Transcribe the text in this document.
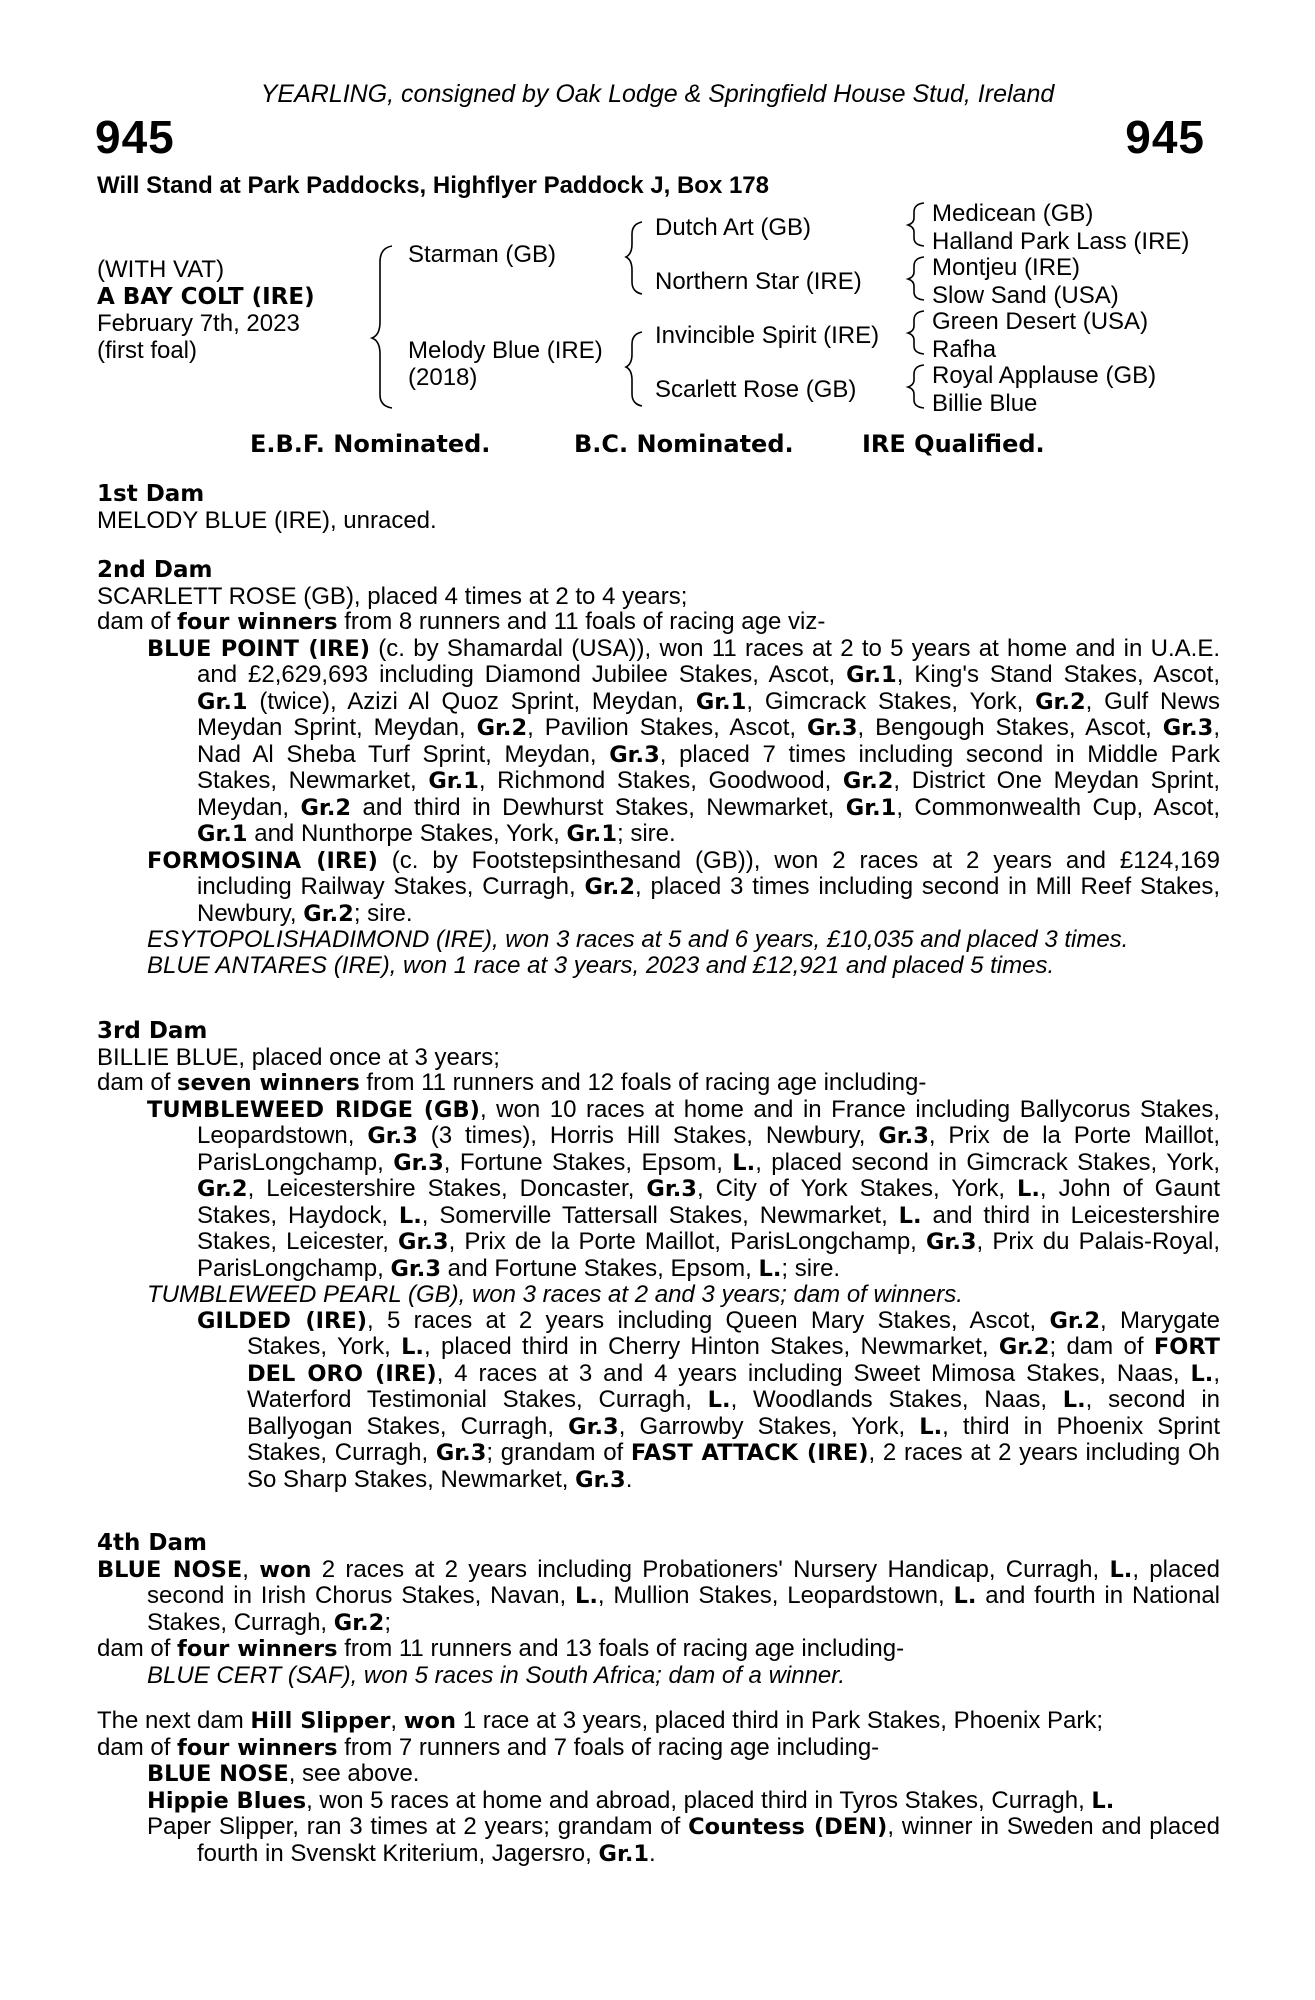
YEARLING, consigned by Oak Lodge & Springfield House Stud, Ireland
945	945
Will Stand at Park Paddocks, Highflyer Paddock J, Box 178
(WITH VAT)
A BAY COLT (IRE)
February 7th, 2023
(first foal)
Starman (GB)
Melody Blue (IRE)
(2018)
Dutch Art (GB)
Northern Star (IRE)
Invincible Spirit (IRE)
Scarlett Rose (GB)
Medicean (GB)
Halland Park Lass (IRE)
Montjeu (IRE)
Slow Sand (USA)
Green Desert (USA)
Rafha
Royal Applause (GB)
Billie Blue
E.B.F. Nominated.	B.C. Nominated.	IRE Qualified.

1st Dam

MELODY BLUE (IRE), unraced.

2nd Dam

SCARLETT ROSE (GB), placed 4 times at 2 to 4 years;

dam of four winners from 8 runners and 11 foals of racing age viz-

BLUE POINT (IRE) (c. by Shamardal (USA)), won 11 races at 2 to 5 years at home and in U.A.E. and £2,629,693 including Diamond Jubilee Stakes, Ascot, Gr.1, King's Stand Stakes, Ascot, Gr.1 (twice), Azizi Al Quoz Sprint, Meydan, Gr.1, Gimcrack Stakes, York, Gr.2, Gulf News Meydan Sprint, Meydan, Gr.2, Pavilion Stakes, Ascot, Gr.3, Bengough Stakes, Ascot, Gr.3, Nad Al Sheba Turf Sprint, Meydan, Gr.3, placed 7 times including second in Middle Park Stakes, Newmarket, Gr.1, Richmond Stakes, Goodwood, Gr.2, District One Meydan Sprint, Meydan, Gr.2 and third in Dewhurst Stakes, Newmarket, Gr.1, Commonwealth Cup, Ascot, Gr.1 and Nunthorpe Stakes, York, Gr.1; sire.

FORMOSINA (IRE) (c. by Footstepsinthesand (GB)), won 2 races at 2 years and £124,169 including Railway Stakes, Curragh, Gr.2, placed 3 times including second in Mill Reef Stakes, Newbury, Gr.2; sire.

ESYTOPOLISHADIMOND (IRE), won 3 races at 5 and 6 years, £10,035 and placed 3 times.

BLUE ANTARES (IRE), won 1 race at 3 years, 2023 and £12,921 and placed 5 times.

3rd Dam

BILLIE BLUE, placed once at 3 years;

dam of seven winners from 11 runners and 12 foals of racing age including-

TUMBLEWEED RIDGE (GB), won 10 races at home and in France including Ballycorus Stakes, Leopardstown, Gr.3 (3 times), Horris Hill Stakes, Newbury, Gr.3, Prix de la Porte Maillot, ParisLongchamp, Gr.3, Fortune Stakes, Epsom, L., placed second in Gimcrack Stakes, York, Gr.2, Leicestershire Stakes, Doncaster, Gr.3, City of York Stakes, York, L., John of Gaunt Stakes, Haydock, L., Somerville Tattersall Stakes, Newmarket, L. and third in Leicestershire Stakes, Leicester, Gr.3, Prix de la Porte Maillot, ParisLongchamp, Gr.3, Prix du Palais-Royal, ParisLongchamp, Gr.3 and Fortune Stakes, Epsom, L.; sire.

TUMBLEWEED PEARL (GB), won 3 races at 2 and 3 years; dam of winners.

GILDED (IRE), 5 races at 2 years including Queen Mary Stakes, Ascot, Gr.2, Marygate Stakes, York, L., placed third in Cherry Hinton Stakes, Newmarket, Gr.2; dam of FORT DEL ORO (IRE), 4 races at 3 and 4 years including Sweet Mimosa Stakes, Naas, L., Waterford Testimonial Stakes, Curragh, L., Woodlands Stakes, Naas, L., second in Ballyogan Stakes, Curragh, Gr.3, Garrowby Stakes, York, L., third in Phoenix Sprint Stakes, Curragh, Gr.3; grandam of FAST ATTACK (IRE), 2 races at 2 years including Oh So Sharp Stakes, Newmarket, Gr.3.

4th Dam

BLUE NOSE, won 2 races at 2 years including Probationers' Nursery Handicap, Curragh, L., placed second in Irish Chorus Stakes, Navan, L., Mullion Stakes, Leopardstown, L. and fourth in National Stakes, Curragh, Gr.2;

dam of four winners from 11 runners and 13 foals of racing age including-

BLUE CERT (SAF), won 5 races in South Africa; dam of a winner.

The next dam Hill Slipper, won 1 race at 3 years, placed third in Park Stakes, Phoenix Park;

dam of four winners from 7 runners and 7 foals of racing age including-

BLUE NOSE, see above.

Hippie Blues, won 5 races at home and abroad, placed third in Tyros Stakes, Curragh, L.

Paper Slipper, ran 3 times at 2 years; grandam of Countess (DEN), winner in Sweden and placed fourth in Svenskt Kriterium, Jagersro, Gr.1.
